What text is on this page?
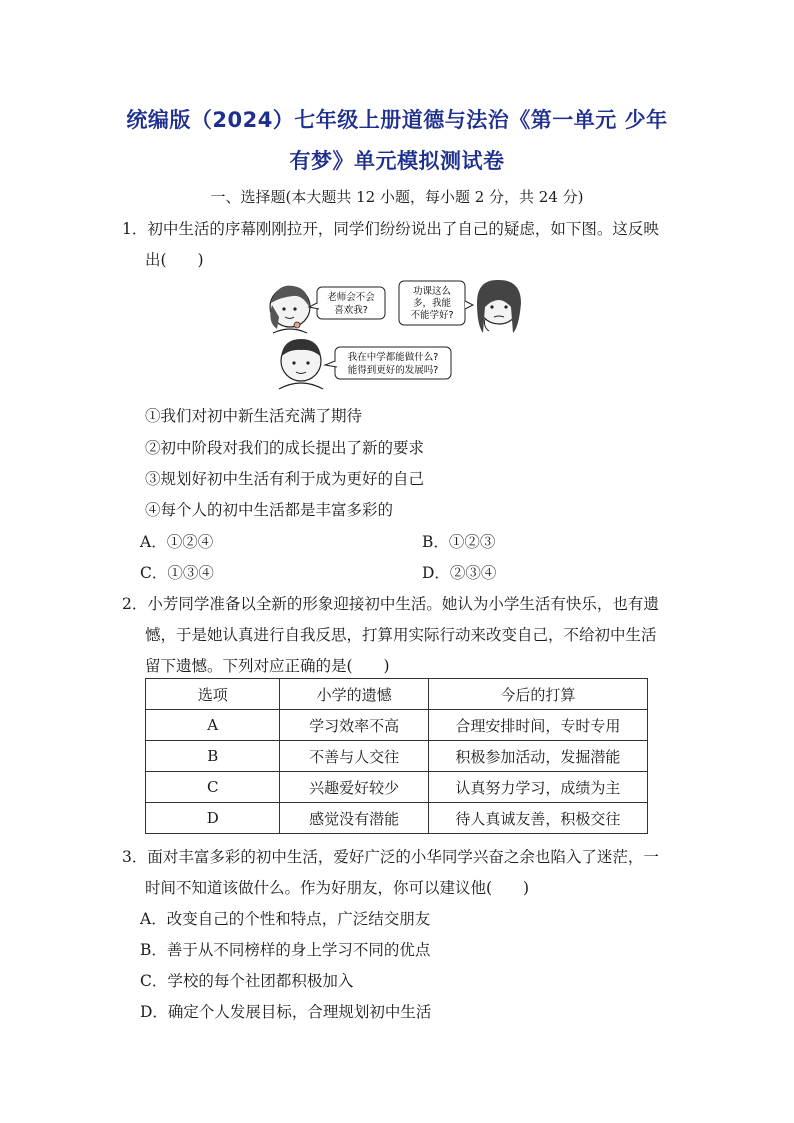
统编版（2024）七年级上册道德与法治《第一单元 少年
有梦》单元模拟测试卷
一、选择题(本大题共 12 小题，每小题 2 分，共 24 分)
1．初中生活的序幕刚刚拉开，同学们纷纷说出了自己的疑虑，如下图。这反映
出(　　)
老师会不会
喜欢我?
功课这么
多，我能
不能学好?
我在中学都能做什么?
能得到更好的发展吗?
①我们对初中新生活充满了期待
②初中阶段对我们的成长提出了新的要求
③规划好初中生活有利于成为更好的自己
④每个人的初中生活都是丰富多彩的
A．①②④	B．①②③
C．①③④	D．②③④
2．小芳同学准备以全新的形象迎接初中生活。她认为小学生活有快乐，也有遗
憾，于是她认真进行自我反思，打算用实际行动来改变自己，不给初中生活
留下遗憾。下列对应正确的是(　　)
选项	小学的遗憾	今后的打算
A	学习效率不高	合理安排时间，专时专用
B	不善与人交往	积极参加活动，发掘潜能
C	兴趣爱好较少	认真努力学习，成绩为主
D	感觉没有潜能	待人真诚友善，积极交往
3．面对丰富多彩的初中生活，爱好广泛的小华同学兴奋之余也陷入了迷茫，一
时间不知道该做什么。作为好朋友，你可以建议他(　　)
A．改变自己的个性和特点，广泛结交朋友
B．善于从不同榜样的身上学习不同的优点
C．学校的每个社团都积极加入
D．确定个人发展目标，合理规划初中生活
